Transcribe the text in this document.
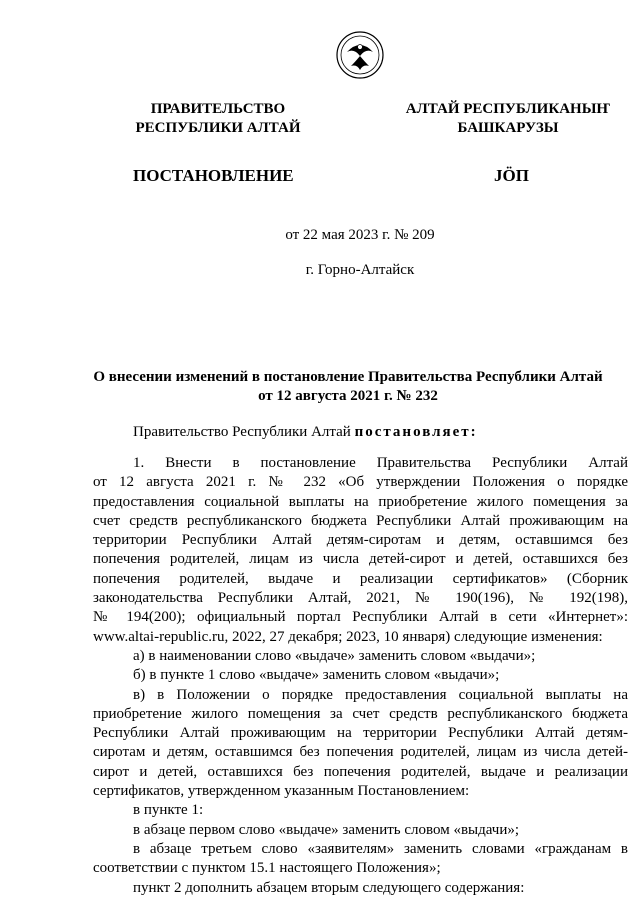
ПРАВИТЕЛЬСТВО
РЕСПУБЛИКИ АЛТАЙ
АЛТАЙ РЕСПУБЛИКАНЫҤ
БАШКАРУЗЫ
ПОСТАНОВЛЕНИЕ	ЈӦП
от 22 мая 2023 г. № 209
г. Горно-Алтайск
О внесении изменений в постановление Правительства Республики Алтай
от 12 августа 2021 г. № 232
Правительство Республики Алтай постановляет:
1. Внести в постановление Правительства Республики Алтай
от 12 августа 2021 г. № 232 «Об утверждении Положения о порядке
предоставления социальной выплаты на приобретение жилого помещения за
счет средств республиканского бюджета Республики Алтай проживающим на
территории Республики Алтай детям-сиротам и детям, оставшимся без
попечения родителей, лицам из числа детей-сирот и детей, оставшихся без
попечения родителей, выдаче и реализации сертификатов» (Сборник
законодательства Республики Алтай, 2021, № 190(196), № 192(198),
№ 194(200); официальный портал Республики Алтай в сети «Интернет»:
www.altai-republic.ru, 2022, 27 декабря; 2023, 10 января) следующие изменения:
а) в наименовании слово «выдаче» заменить словом «выдачи»;
б) в пункте 1 слово «выдаче» заменить словом «выдачи»;
в) в Положении о порядке предоставления социальной выплаты на
приобретение жилого помещения за счет средств республиканского бюджета
Республики Алтай проживающим на территории Республики Алтай детям-
сиротам и детям, оставшимся без попечения родителей, лицам из числа детей-
сирот и детей, оставшихся без попечения родителей, выдаче и реализации
сертификатов, утвержденном указанным Постановлением:
в пункте 1:
в абзаце первом слово «выдаче» заменить словом «выдачи»;
в абзаце третьем слово «заявителям» заменить словами «гражданам в
соответствии с пунктом 15.1 настоящего Положения»;
пункт 2 дополнить абзацем вторым следующего содержания:
